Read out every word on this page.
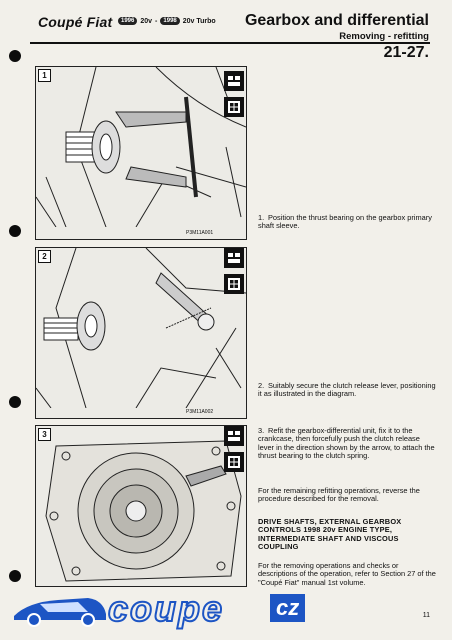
Coupé Fiat	1996 20v -	1998 20v Turbo Gearbox and differential
Removing - refitting
21-27.
1
P3M11A001
2
P3M11A002
3
1. Position the thrust bearing on the gearbox primary shaft sleeve.
2. Suitably secure the clutch release lever, positioning it as illustrated in the diagram.
3. Refit the gearbox-differential unit, fix it to the crankcase, then forcefully push the clutch release lever in the direction shown by the arrow, to attach the thrust bearing to the clutch spring.
For the remaining refitting operations, reverse the procedure described for the removal.
DRIVE SHAFTS, EXTERNAL GEARBOX CONTROLS 1998 20v ENGINE TYPE, INTERMEDIATE SHAFT AND VISCOUS COUPLING
For the removing operations and checks or descriptions of the operation, refer to Section 27 of the "Coupé Fiat" manual 1st volume.
11
coupe cz
